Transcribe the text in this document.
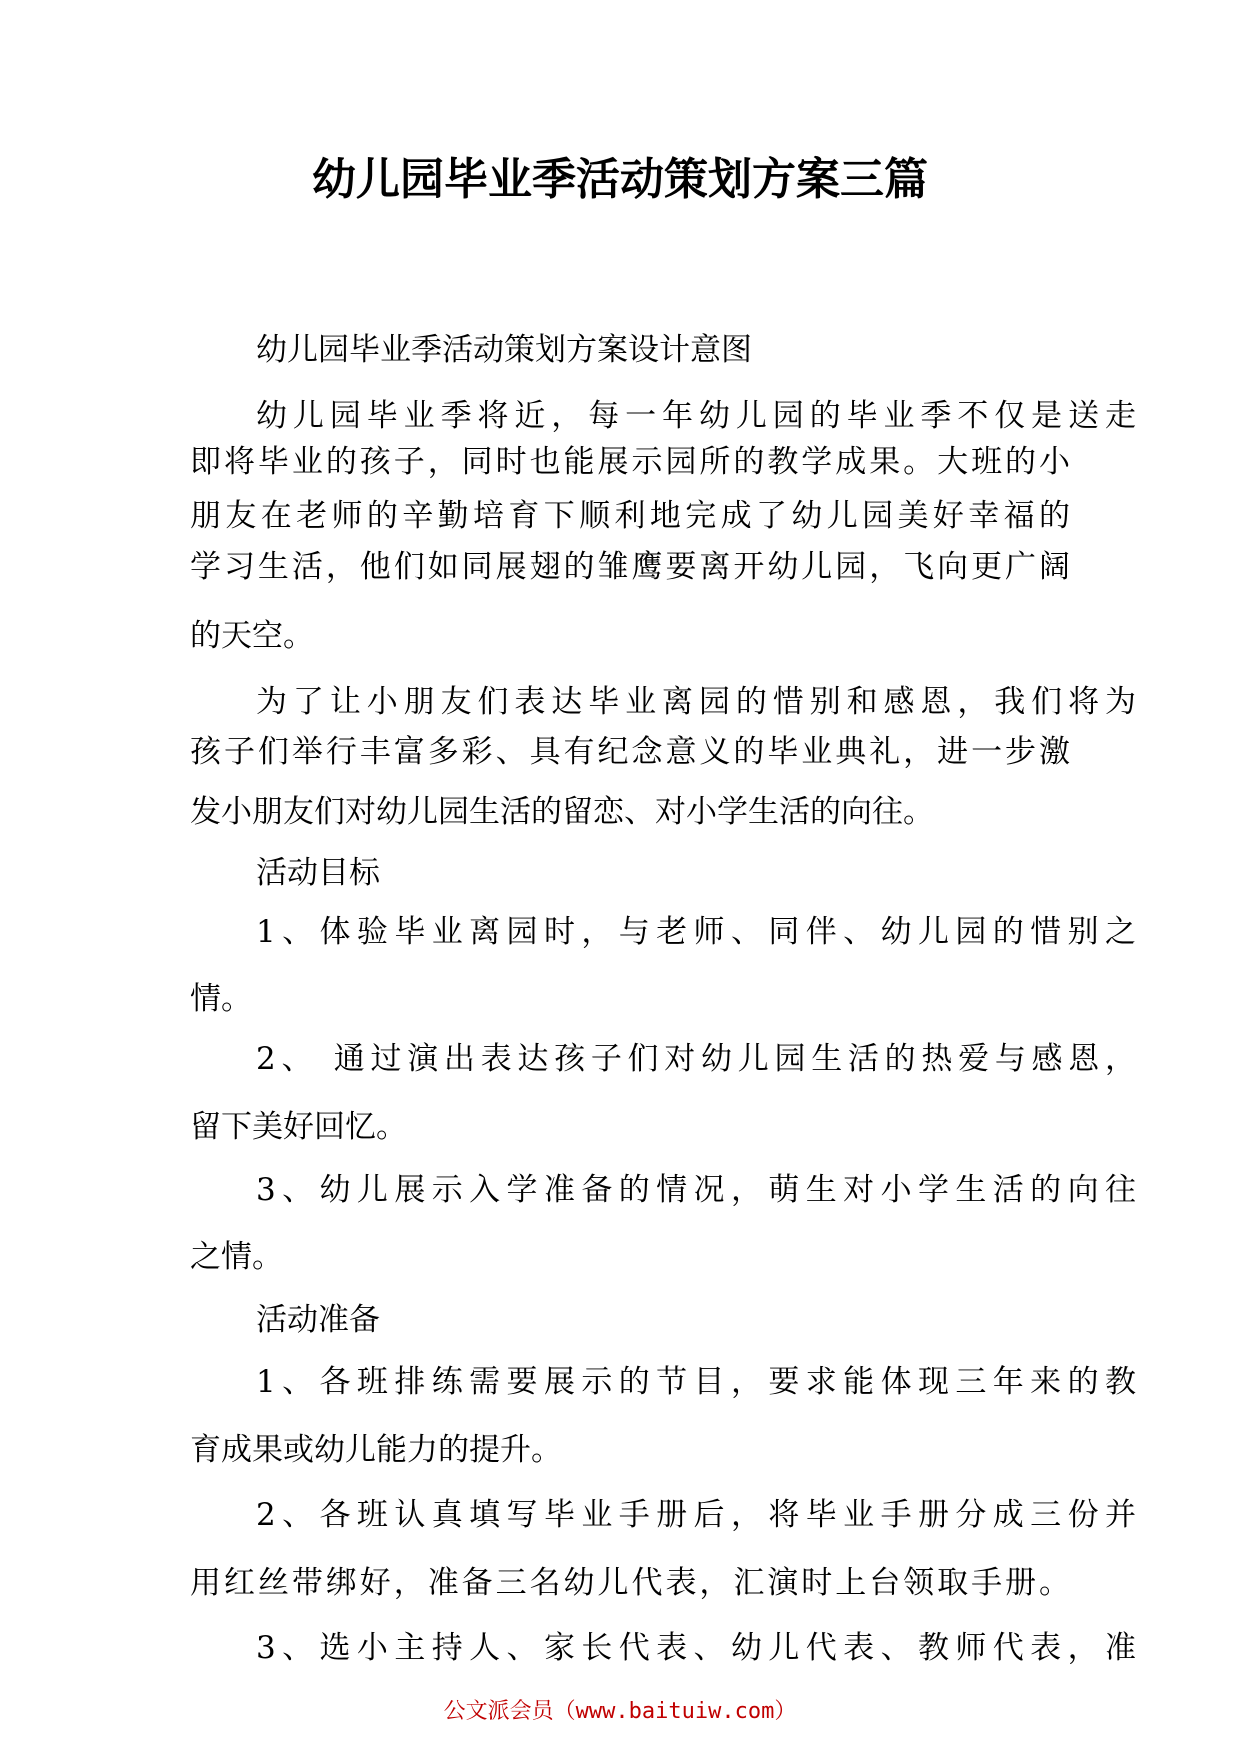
幼儿园毕业季活动策划方案三篇

幼儿园毕业季活动策划方案设计意图

幼儿园毕业季将近，每一年幼儿园的毕业季不仅是送走

即将毕业的孩子，同时也能展示园所的教学成果。大班的小

朋友在老师的辛勤培育下顺利地完成了幼儿园美好幸福的

学习生活，他们如同展翅的雏鹰要离开幼儿园，飞向更广阔

的天空。

为了让小朋友们表达毕业离园的惜别和感恩，我们将为

孩子们举行丰富多彩、具有纪念意义的毕业典礼，进一步激

发小朋友们对幼儿园生活的留恋、对小学生活的向往。

活动目标

1、体验毕业离园时，与老师、同伴、幼儿园的惜别之

情。

2、 通过演出表达孩子们对幼儿园生活的热爱与感恩，

留下美好回忆。

3、幼儿展示入学准备的情况，萌生对小学生活的向往

之情。

活动准备

1、各班排练需要展示的节目，要求能体现三年来的教

育成果或幼儿能力的提升。

2、各班认真填写毕业手册后，将毕业手册分成三份并

用红丝带绑好，准备三名幼儿代表，汇演时上台领取手册。

3、选小主持人、家长代表、幼儿代表、教师代表，准

公文派会员（www.baituiw.com）
